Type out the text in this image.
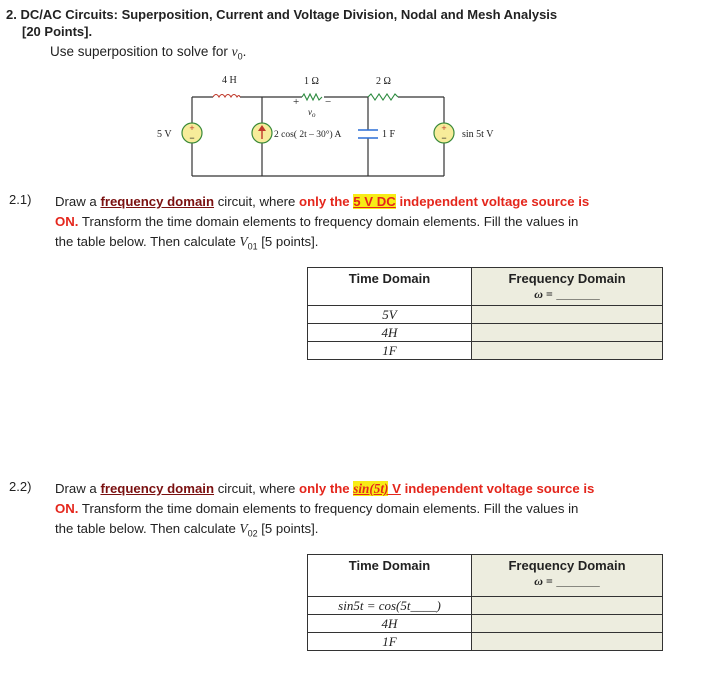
2. DC/AC Circuits: Superposition, Current and Voltage Division, Nodal and Mesh Analysis
[20 Points].
Use superposition to solve for $v_0$.
+
−
+
−
4 H	1 Ω	2 Ω
+ −
$v_o$
5 V	2 cos( 2t – 30°) A	1 F	sin 5t V
2.1) Draw a frequency domain circuit, where only the 5 V DC independent voltage source is
ON. Transform the time domain elements to frequency domain elements. Fill the values in
the table below. Then calculate $V_{01}$ [5 points].
Time Domain	Frequency Domain
ω = ______

5V	
4H	
1F	
2.2) Draw a frequency domain circuit, where only the sin(5t) V independent voltage source is
ON. Transform the time domain elements to frequency domain elements. Fill the values in
the table below. Then calculate $V_{02}$ [5 points].
Time Domain	Frequency Domain
ω = ______

sin5t = cos(5t____)	
4H	
1F	
